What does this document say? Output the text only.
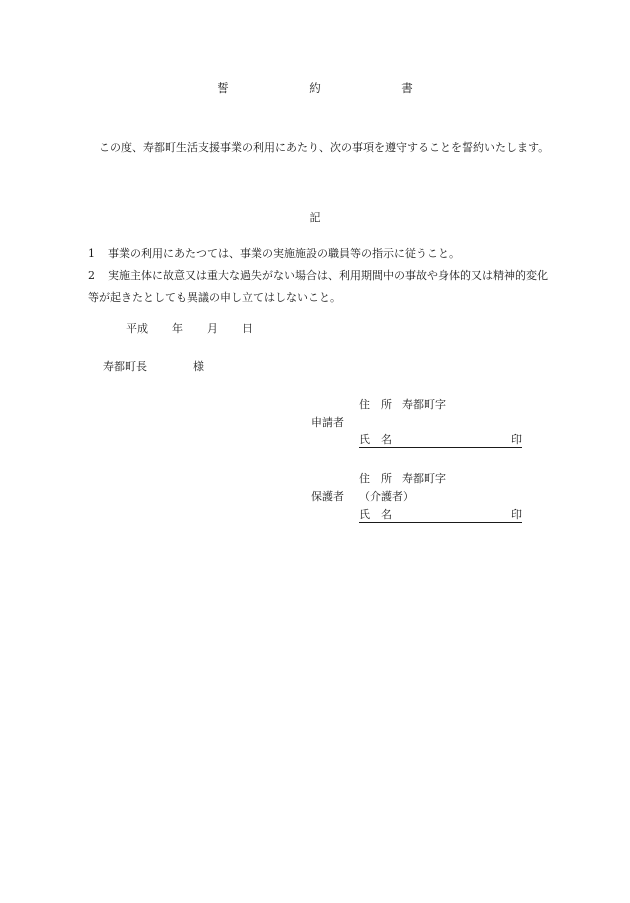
誓	約	書
この度、寿都町生活支援事業の利用にあたり、次の事項を遵守することを誓約いたします。
記
1 事業の利用にあたつては、事業の実施施設の職員等の指示に従うこと。
2 実施主体に故意又は重大な過失がない場合は、利用期間中の事故や身体的又は精神的変化等が起きたとしても異議の申し立てはしないこと。
平成 年 月 日
寿都町長	様
住　所 寿都町字
申請者
氏　名	印
住　所 寿都町字
保護者 （介護者）
氏　名	印
